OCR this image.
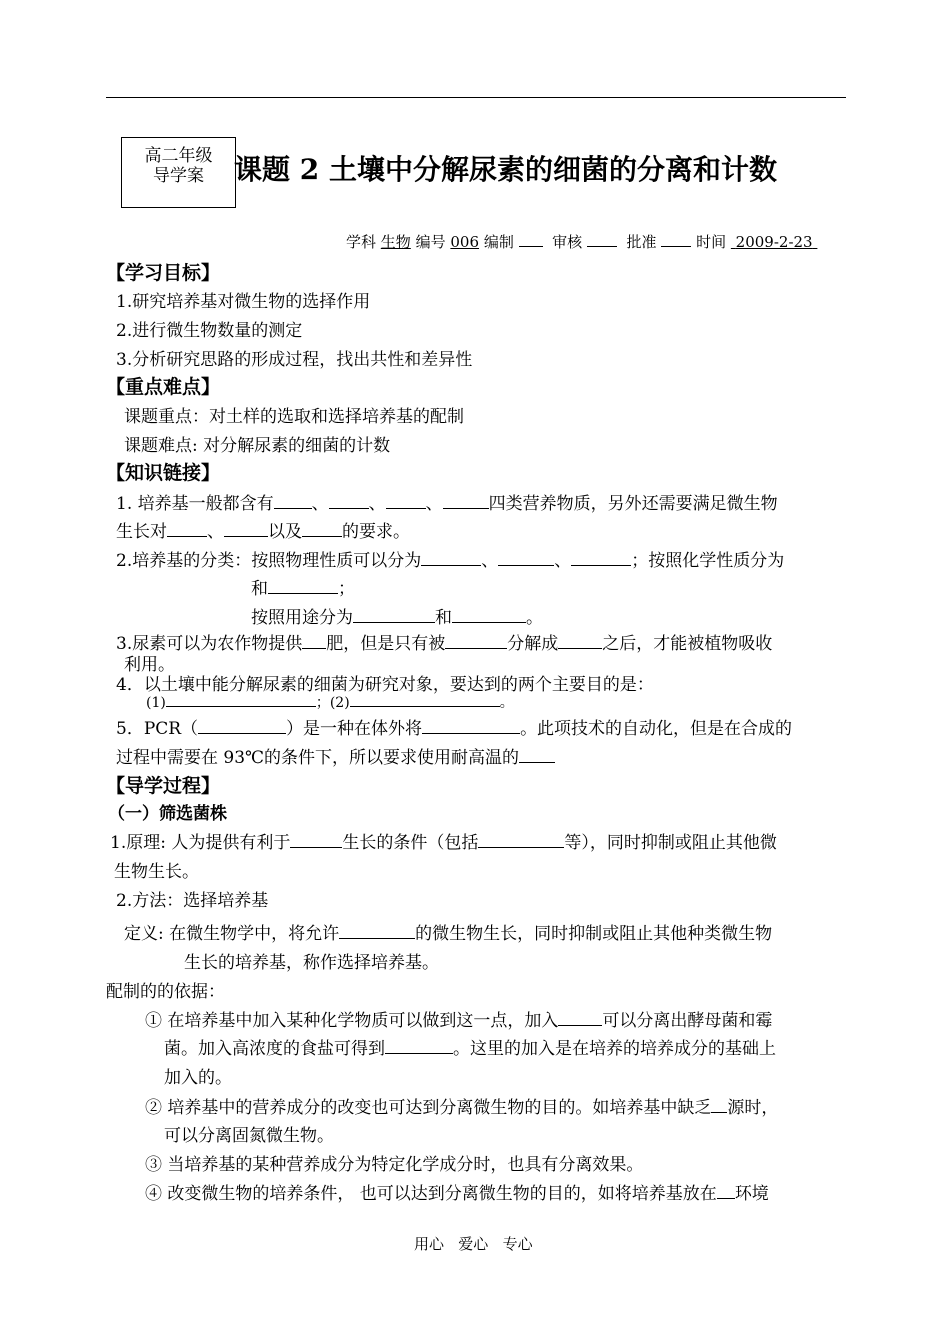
高二年级
导学案	课题 2 土壤中分解尿素的细菌的分离和计数
学科 生物 编号 006 编制	审核	批准	时间 2009-2-23
【学习目标】
1.研究培养基对微生物的选择作用
2.进行微生物数量的测定
3.分析研究思路的形成过程，找出共性和差异性
【重点难点】
课题重点：对土样的选取和选择培养基的配制
课题难点: 对分解尿素的细菌的计数
【知识链接】
1. 培养基一般都含有 、 、 、	四类营养物质，另外还需要满足微生物
生长对 、	以及 的要求。
2.培养基的分类：按照物理性质可以分为	、	、	；按照化学性质分为
和	；
按照用途分为	和	。
3.尿素可以为农作物提供 肥，但是只有被	分解成	之后，才能被植物吸收
利用。
4．以土壤中能分解尿素的细菌为研究对象，要达到的两个主要目的是：
(1)	；(2)	。
5．PCR（	）是一种在体外将	。此项技术的自动化，但是在合成的
过程中需要在 93℃的条件下，所以要求使用耐高温的
【导学过程】
（一）筛选菌株
1.原理: 人为提供有利于	生长的条件（包括	等），同时抑制或阻止其他微
生物生长。
2.方法：选择培养基
定义: 在微生物学中，将允许	的微生物生长，同时抑制或阻止其他种类微生物
生长的培养基，称作选择培养基。
配制的的依据：
① 在培养基中加入某种化学物质可以做到这一点，加入	可以分离出酵母菌和霉
菌。加入高浓度的食盐可得到	。这里的加入是在培养的培养成分的基础上
加入的。
② 培养基中的营养成分的改变也可达到分离微生物的目的。如培养基中缺乏 源时，
可以分离固氮微生物。
③ 当培养基的某种营养成分为特定化学成分时，也具有分离效果。
④ 改变微生物的培养条件， 也可以达到分离微生物的目的，如将培养基放在 环境
用心   爱心   专心
